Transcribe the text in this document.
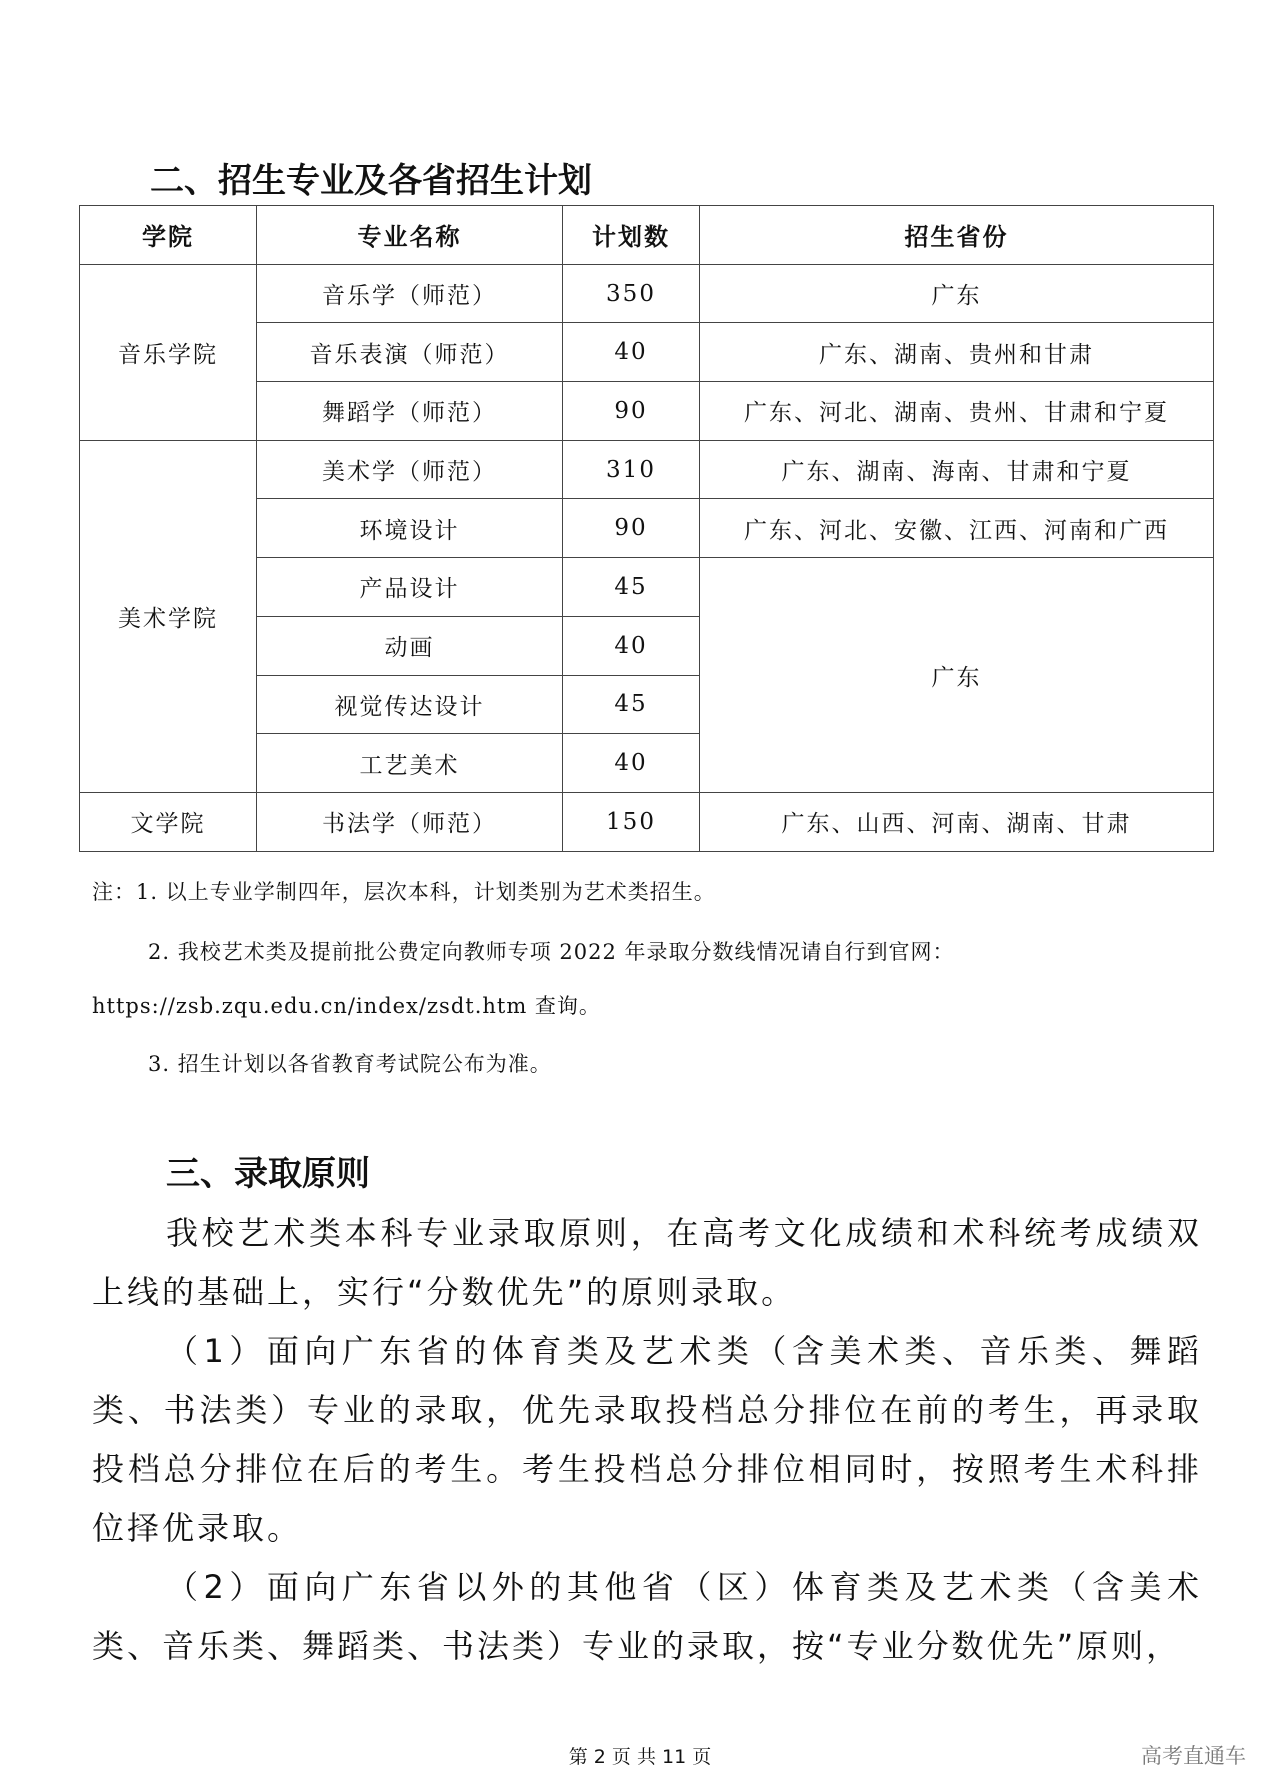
二、招生专业及各省招生计划
学院	专业名称	计划数	招生省份
音乐学院	音乐学（师范）	350	广东
	音乐表演（师范）	40	广东、湖南、贵州和甘肃
	舞蹈学（师范）	90	广东、河北、湖南、贵州、甘肃和宁夏
美术学院	美术学（师范）	310	广东、湖南、海南、甘肃和宁夏
	环境设计	90	广东、河北、安徽、江西、河南和广西
	产品设计	45	广东
	动画	40	
	视觉传达设计	45	
	工艺美术	40	
文学院	书法学（师范）	150	广东、山西、河南、湖南、甘肃

注：1. 以上专业学制四年，层次本科，计划类别为艺术类招生。

2. 我校艺术类及提前批公费定向教师专项 2022 年录取分数线情况请自行到官网：

https://zsb.zqu.edu.cn/index/zsdt.htm 查询。

3. 招生计划以各省教育考试院公布为准。

三、录取原则

我校艺术类本科专业录取原则，在高考文化成绩和术科统考成绩双上线的基础上，实行“分数优先”的原则录取。

（1）面向广东省的体育类及艺术类（含美术类、音乐类、舞蹈类、书法类）专业的录取，优先录取投档总分排位在前的考生，再录取投档总分排位在后的考生。考生投档总分排位相同时，按照考生术科排位择优录取。

（2）面向广东省以外的其他省（区）体育类及艺术类（含美术类、音乐类、舞蹈类、书法类）专业的录取，按“专业分数优先”原则，

第 2 页 共 11 页	高考直通车
